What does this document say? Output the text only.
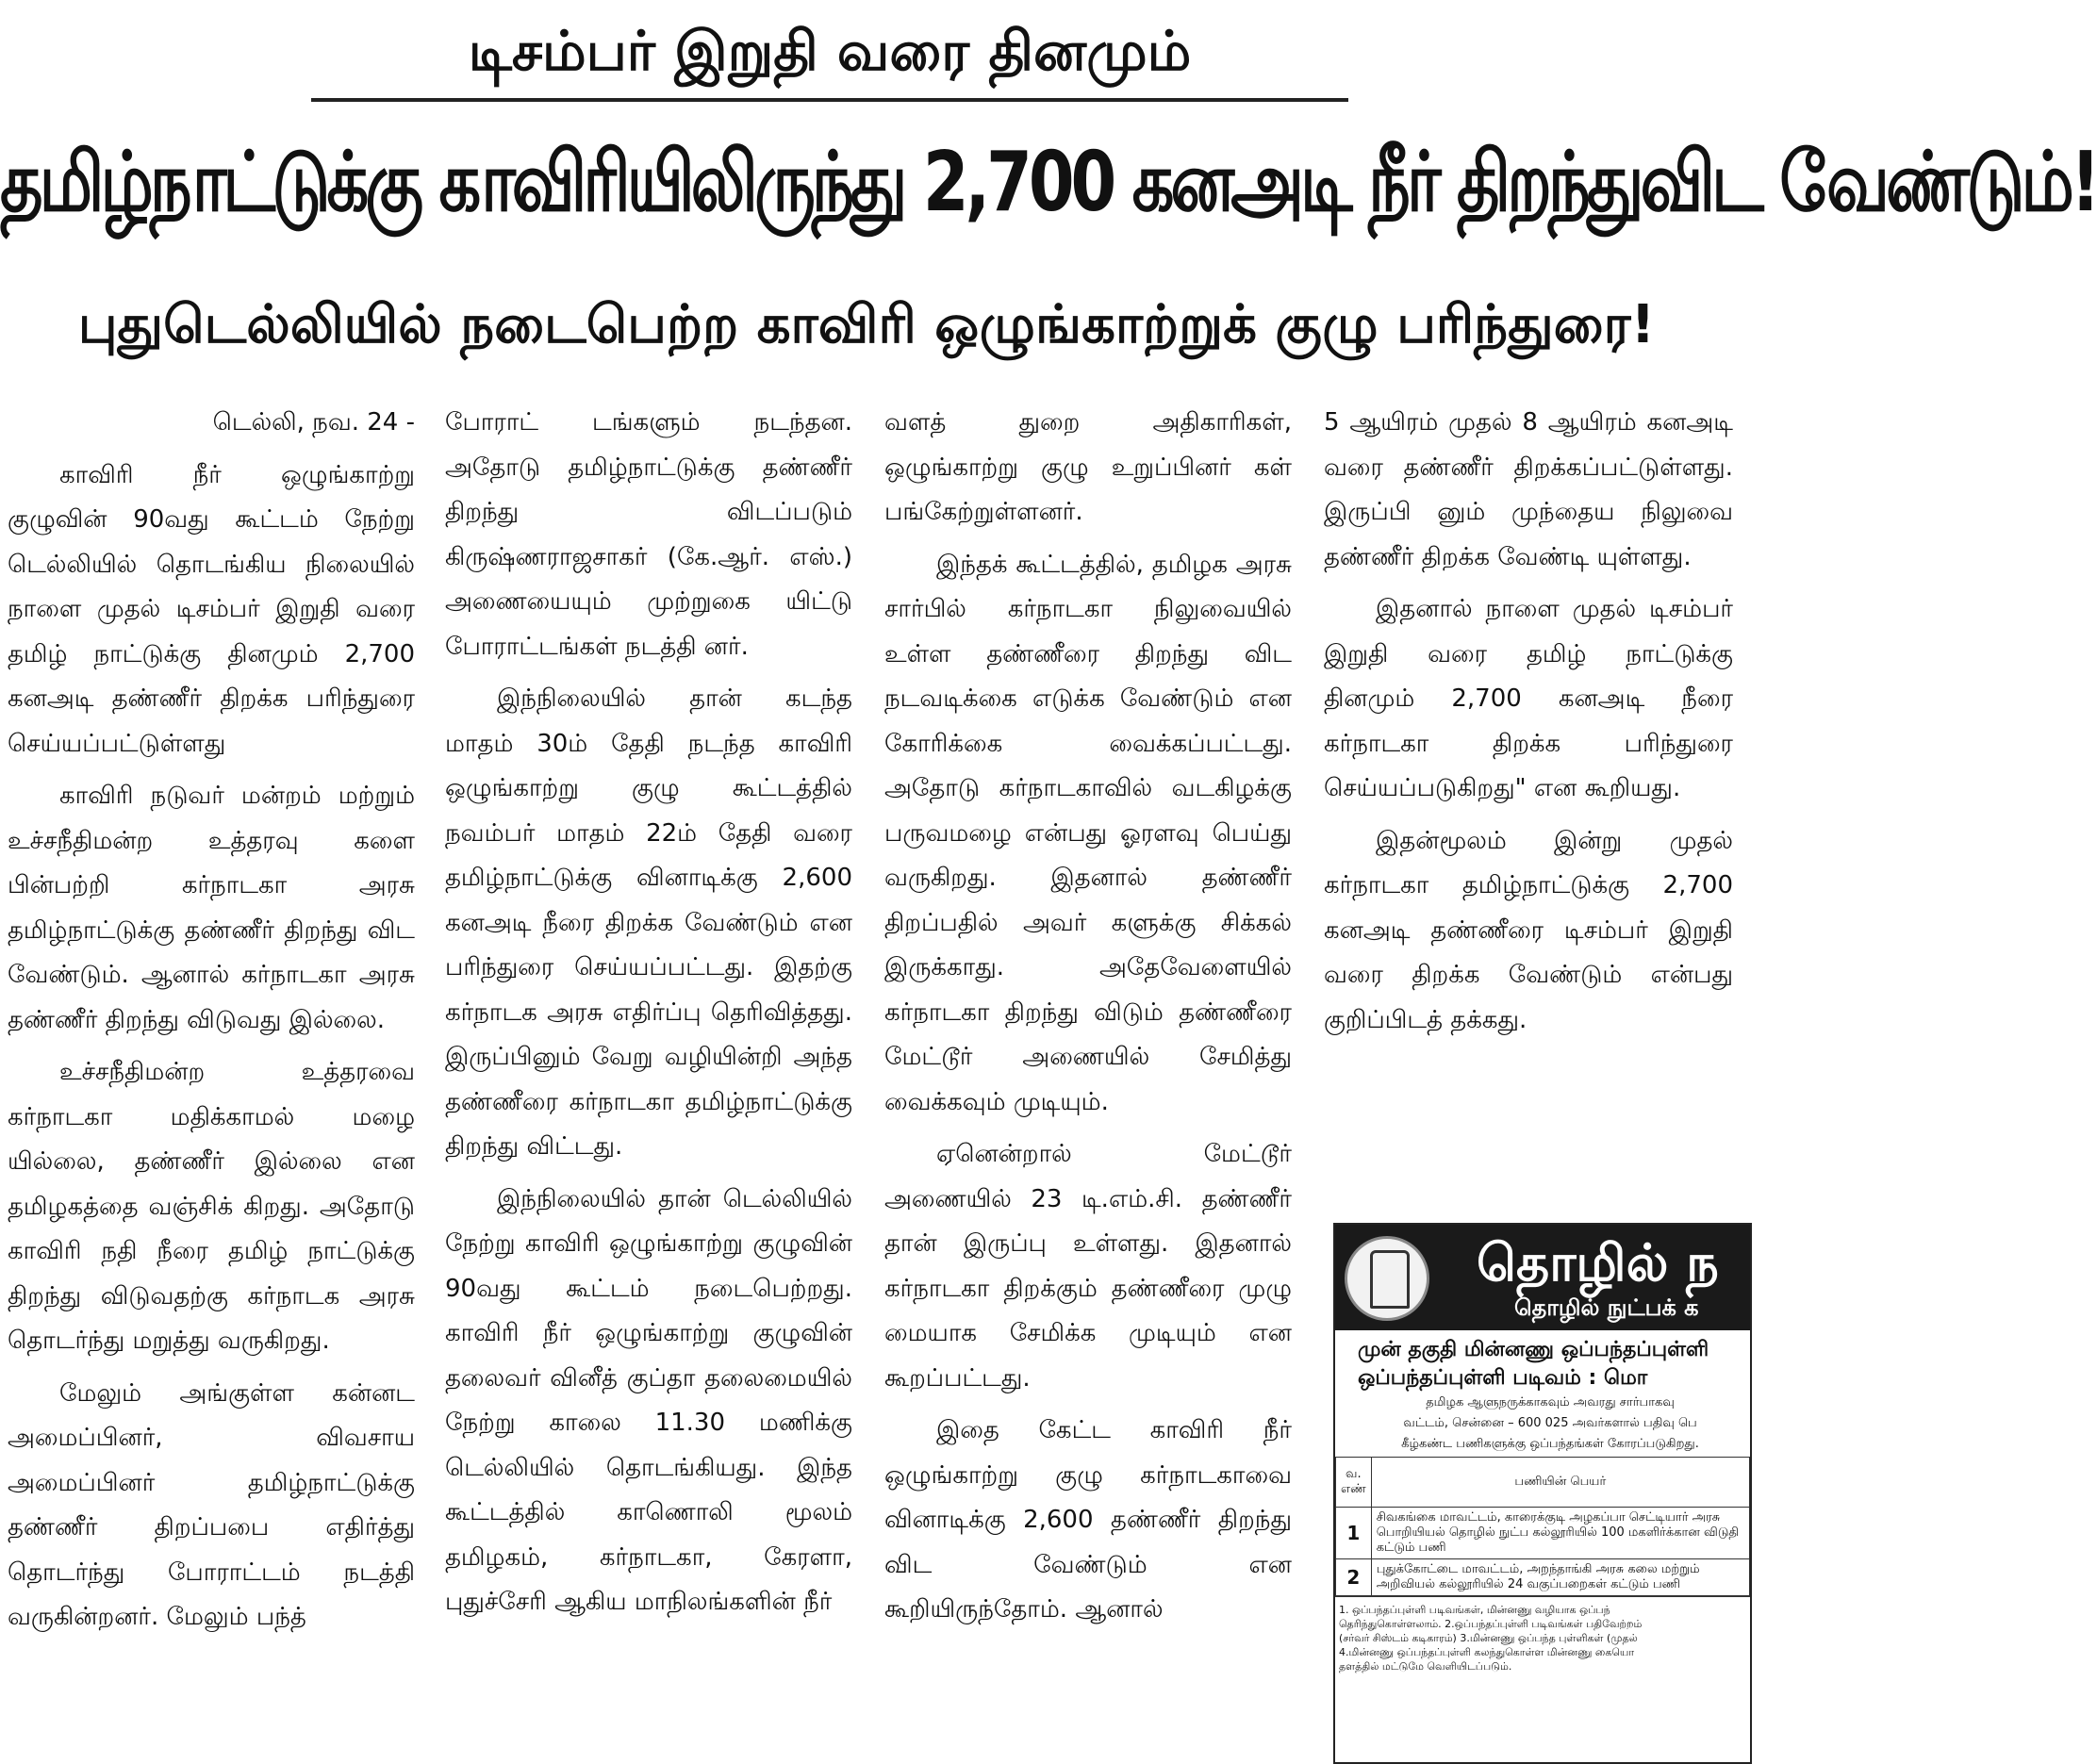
டிசம்பர் இறுதி வரை தினமும்
தமிழ்நாட்டுக்கு காவிரியிலிருந்து 2,700 கனஅடி நீர் திறந்துவிட வேண்டும்!
புதுடெல்லியில் நடைபெற்ற காவிரி ஒழுங்காற்றுக் குழு பரிந்துரை!

டெல்லி, நவ. 24 -

காவிரி நீர் ஒழுங்காற்று குழுவின் 90வது கூட்டம் நேற்று டெல்லியில் தொடங்கிய நிலையில் நாளை முதல் டிசம்பர் இறுதி வரை தமிழ் நாட்டுக்கு தினமும் 2,700 கனஅடி தண்ணீர் திறக்க பரிந்துரை செய்யப்பட்டுள்ளது

காவிரி நடுவர் மன்றம் மற்றும் உச்சநீதிமன்ற உத்தரவு களை பின்பற்றி கர்நாடகா அரசு தமிழ்நாட்டுக்கு தண்ணீர் திறந்து விட வேண்டும். ஆனால் கர்நாடகா அரசு தண்ணீர் திறந்து விடுவது இல்லை.

உச்சநீதிமன்ற உத்தரவை கர்நாடகா மதிக்காமல் மழை யில்லை, தண்ணீர் இல்லை என தமிழகத்தை வஞ்சிக் கிறது. அதோடு காவிரி நதி நீரை தமிழ் நாட்டுக்கு திறந்து விடுவதற்கு கர்நாடக அரசு தொடர்ந்து மறுத்து வருகிறது.

மேலும் அங்குள்ள கன்னட அமைப்பினர், விவசாய அமைப்பினர் தமிழ்நாட்டுக்கு தண்ணீர் திறப்பபை எதிர்த்து தொடர்ந்து போராட்டம் நடத்தி வருகின்றனர். மேலும் பந்த்

போராட் டங்களும் நடந்தன. அதோடு தமிழ்நாட்டுக்கு தண்ணீர் திறந்து விடப்படும் கிருஷ்ணராஜசாகர் (கே.ஆர். எஸ்.) அணையையும் முற்றுகை யிட்டு போராட்டங்கள் நடத்தி னர்.

இந்நிலையில் தான் கடந்த மாதம் 30ம் தேதி நடந்த காவிரி ஒழுங்காற்று குழு கூட்டத்தில் நவம்பர் மாதம் 22ம் தேதி வரை தமிழ்நாட்டுக்கு வினாடிக்கு 2,600 கனஅடி நீரை திறக்க வேண்டும் என பரிந்துரை செய்யப்பட்டது. இதற்கு கர்நாடக அரசு எதிர்ப்பு தெரிவித்தது. இருப்பினும் வேறு வழியின்றி அந்த தண்ணீரை கர்நாடகா தமிழ்நாட்டுக்கு திறந்து விட்டது.

இந்நிலையில் தான் டெல்லியில் நேற்று காவிரி ஒழுங்காற்று குழுவின் 90வது கூட்டம் நடைபெற்றது. காவிரி நீர் ஒழுங்காற்று குழுவின் தலைவர் வினீத் குப்தா தலைமையில் நேற்று காலை 11.30 மணிக்கு டெல்லியில் தொடங்கியது. இந்த கூட்டத்தில் காணொலி மூலம் தமிழகம், கர்நாடகா, கேரளா, புதுச்சேரி ஆகிய மாநிலங்களின் நீர்

வளத் துறை அதிகாரிகள், ஒழுங்காற்று குழு உறுப்பினர் கள் பங்கேற்றுள்ளனர்.

இந்தக் கூட்டத்தில், தமிழக அரசு சார்பில் கர்நாடகா நிலுவையில் உள்ள தண்ணீரை திறந்து விட நடவடிக்கை எடுக்க வேண்டும் என கோரிக்கை வைக்கப்பட்டது. அதோடு கர்நாடகாவில் வடகிழக்கு பருவமழை என்பது ஓரளவு பெய்து வருகிறது. இதனால் தண்ணீர் திறப்பதில் அவர் களுக்கு சிக்கல் இருக்காது. அதேவேளையில் கர்நாடகா திறந்து விடும் தண்ணீரை மேட்டூர் அணையில் சேமித்து வைக்கவும் முடியும்.

ஏனென்றால் மேட்டூர் அணையில் 23 டி.எம்.சி. தண்ணீர் தான் இருப்பு உள்ளது. இதனால் கர்நாடகா திறக்கும் தண்ணீரை முழு மையாக சேமிக்க முடியும் என கூறப்பட்டது.

இதை கேட்ட காவிரி நீர் ஒழுங்காற்று குழு கர்நாடகாவை வினாடிக்கு 2,600 தண்ணீர் திறந்து விட வேண்டும் என கூறியிருந்தோம். ஆனால்

5 ஆயிரம் முதல் 8 ஆயிரம் கனஅடி வரை தண்ணீர் திறக்கப்பட்டுள்ளது. இருப்பி னும் முந்தைய நிலுவை தண்ணீர் திறக்க வேண்டி யுள்ளது.

இதனால் நாளை முதல் டிசம்பர் இறுதி வரை தமிழ் நாட்டுக்கு தினமும் 2,700 கனஅடி நீரை கர்நாடகா திறக்க பரிந்துரை செய்யப்படுகிறது" என கூறியது.

இதன்மூலம் இன்று முதல் கர்நாடகா தமிழ்நாட்டுக்கு 2,700 கனஅடி தண்ணீரை டிசம்பர் இறுதி வரை திறக்க வேண்டும் என்பது குறிப்பிடத் தக்கது.

தொழில் ந
தொழில் நுட்பக் க
முன் தகுதி மின்னணு ஒப்பந்தப்புள்ளி
ஒப்பந்தப்புள்ளி படிவம் : மொ
தமிழக ஆளுநருக்காகவும் அவரது சார்பாகவு
வட்டம், சென்னை – 600 025 அவர்களால் பதிவு பெ
கீழ்கண்ட பணிகளுக்கு ஒப்பந்தங்கள் கோரப்படுகிறது.
வ. எண்	பணியின் பெயர்
1	சிவகங்கை மாவட்டம், காரைக்குடி அழகப்பா செட்டியார் அரசு பொறியியல் தொழில் நுட்ப கல்லூரியில் 100 மகளிர்க்கான விடுதி கட்டும் பணி
2	புதுக்கோட்டை மாவட்டம், அறந்தாங்கி அரசு கலை மற்றும் அறிவியல் கல்லூரியில் 24 வகுப்பறைகள் கட்டும் பணி
1. ஒப்பந்தப்புள்ளி படிவங்கள், மின்னணு வழியாக ஒப்பந்
தெரிந்துகொள்ளலாம். 2.ஒப்பந்தப்புள்ளி படிவங்கள் பதிவேற்றம்
(சர்வர் சிஸ்டம் கடிகாரம்) 3.மின்னணு ஒப்பந்த புள்ளிகள் (முதல்
4.மின்னணு ஒப்பந்தப்புள்ளி கலந்துகொள்ள மின்னணு கையொ
தளத்தில் மட்டுமே வெளியிடப்படும்.
